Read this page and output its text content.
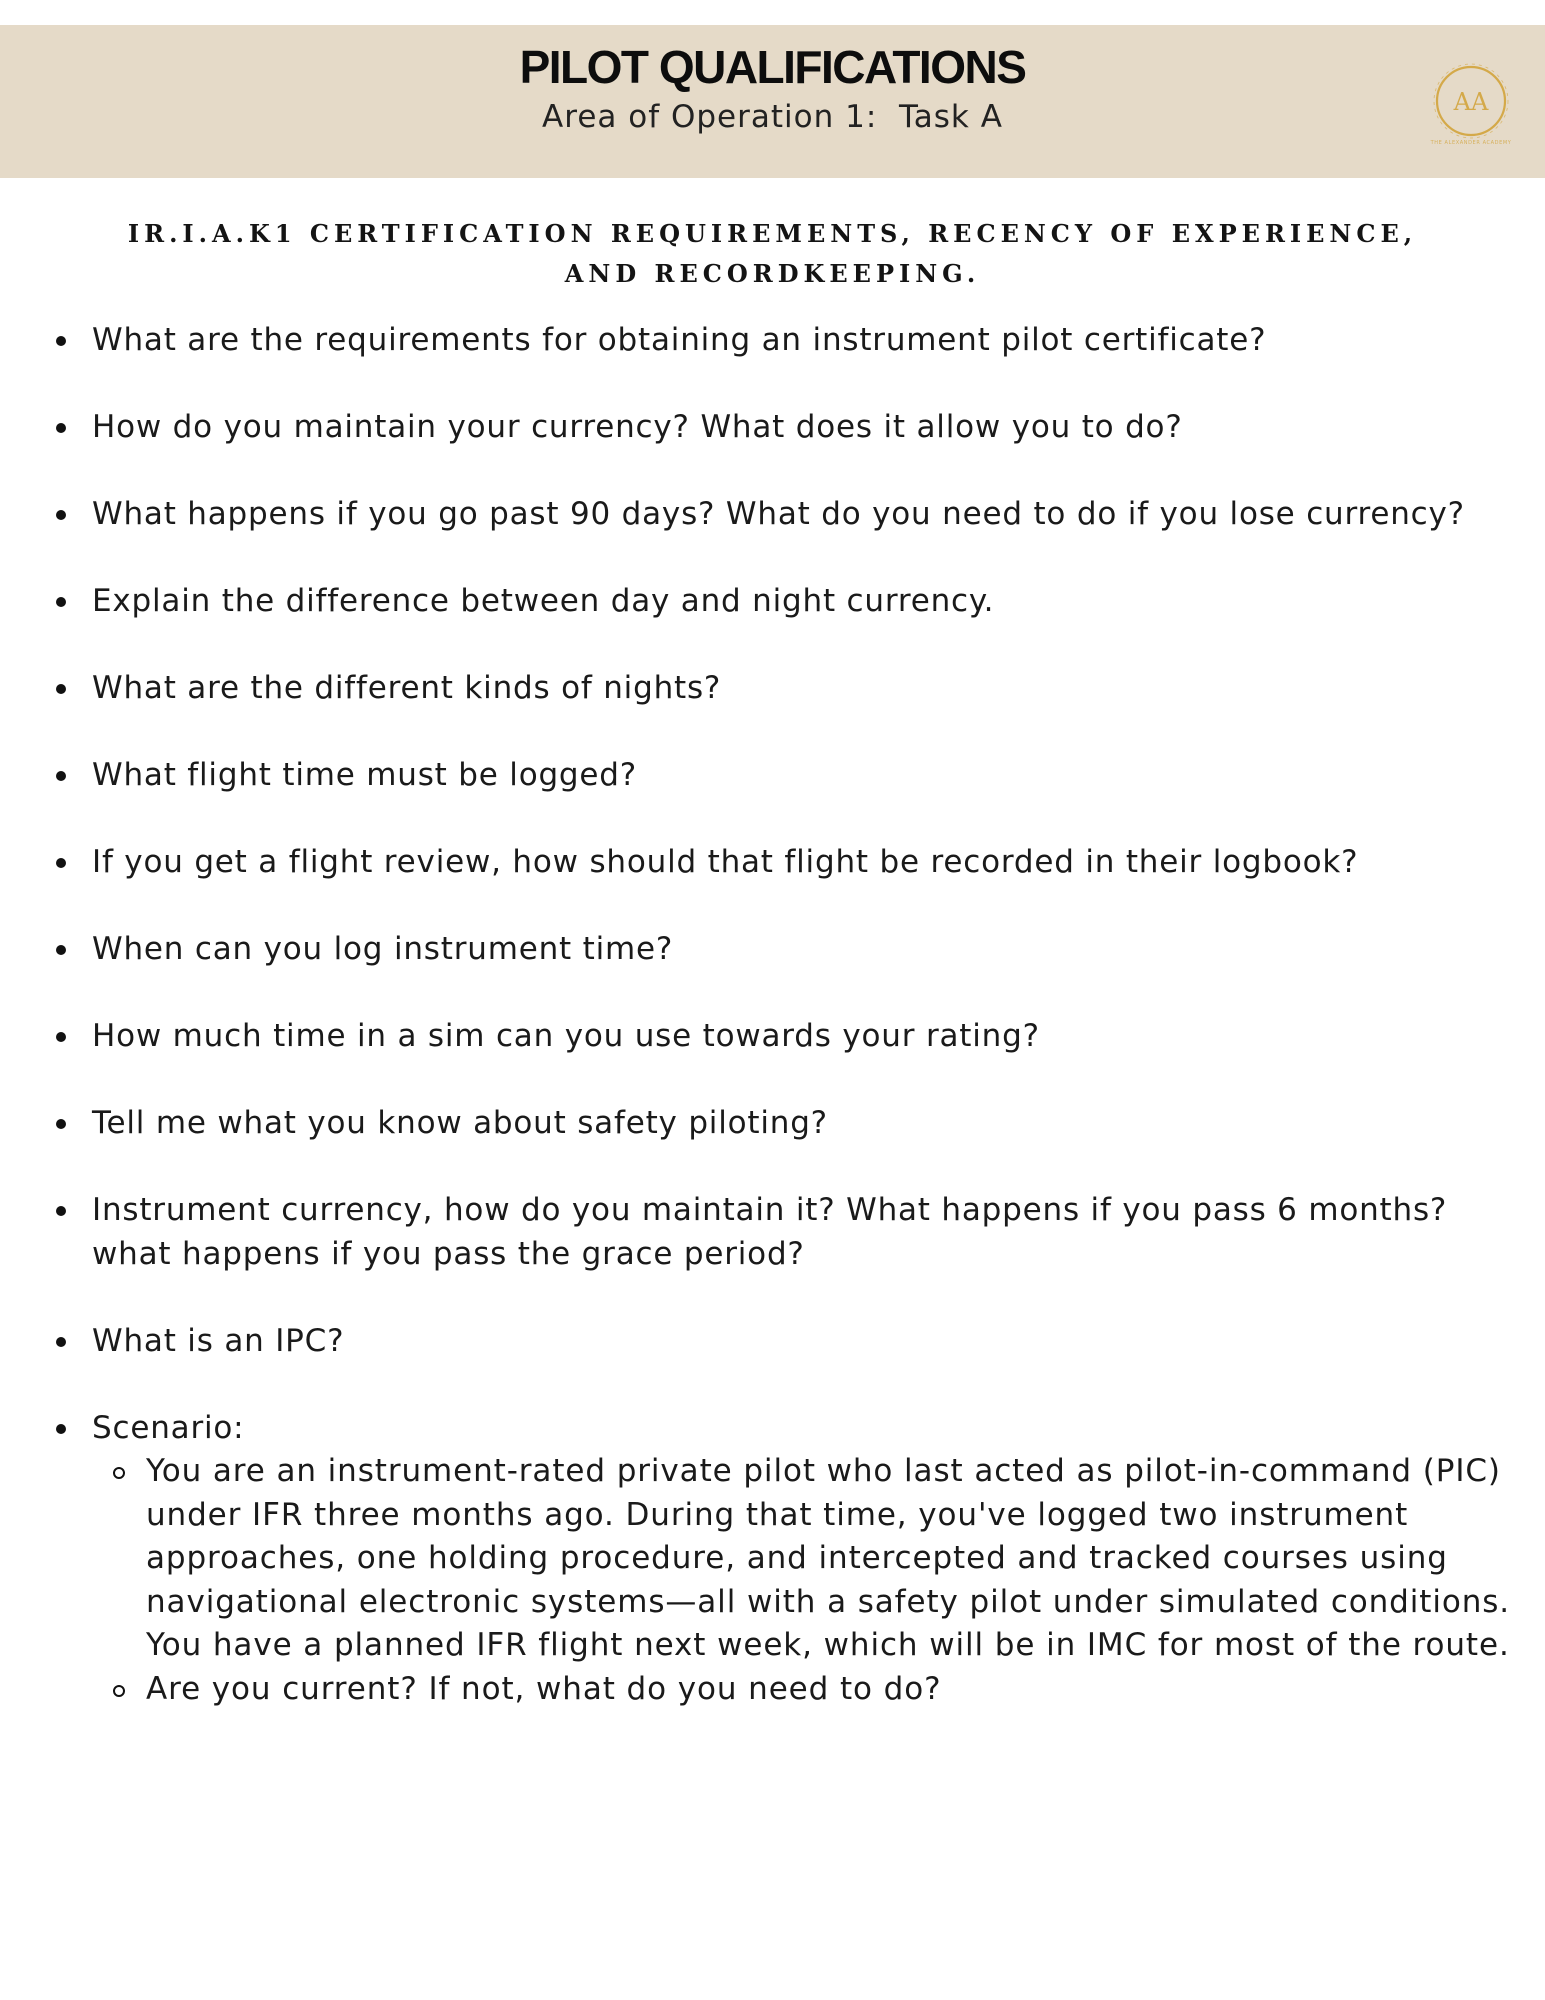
PILOT QUALIFICATIONS
Area of Operation 1:  Task A	AA
THE ALEXANDER ACADEMY
IR.I.A.K1 CERTIFICATION REQUIREMENTS, RECENCY OF EXPERIENCE, AND RECORDKEEPING.
What are the requirements for obtaining an instrument pilot certificate?
How do you maintain your currency? What does it allow you to do?
What happens if you go past 90 days? What do you need to do if you lose currency?
Explain the difference between day and night currency.
What are the different kinds of nights?
What flight time must be logged?
If you get a flight review, how should that flight be recorded in their logbook?
When can you log instrument time?
How much time in a sim can you use towards your rating?
Tell me what you know about safety piloting?
Instrument currency, how do you maintain it? What happens if you pass 6 months? what happens if you pass the grace period?
What is an IPC?
Scenario:
You are an instrument-rated private pilot who last acted as pilot-in-command (PIC) under IFR three months ago. During that time, you've logged two instrument approaches, one holding procedure, and intercepted and tracked courses using navigational electronic systems—all with a safety pilot under simulated conditions. You have a planned IFR flight next week, which will be in IMC for most of the route.
Are you current? If not, what do you need to do?
